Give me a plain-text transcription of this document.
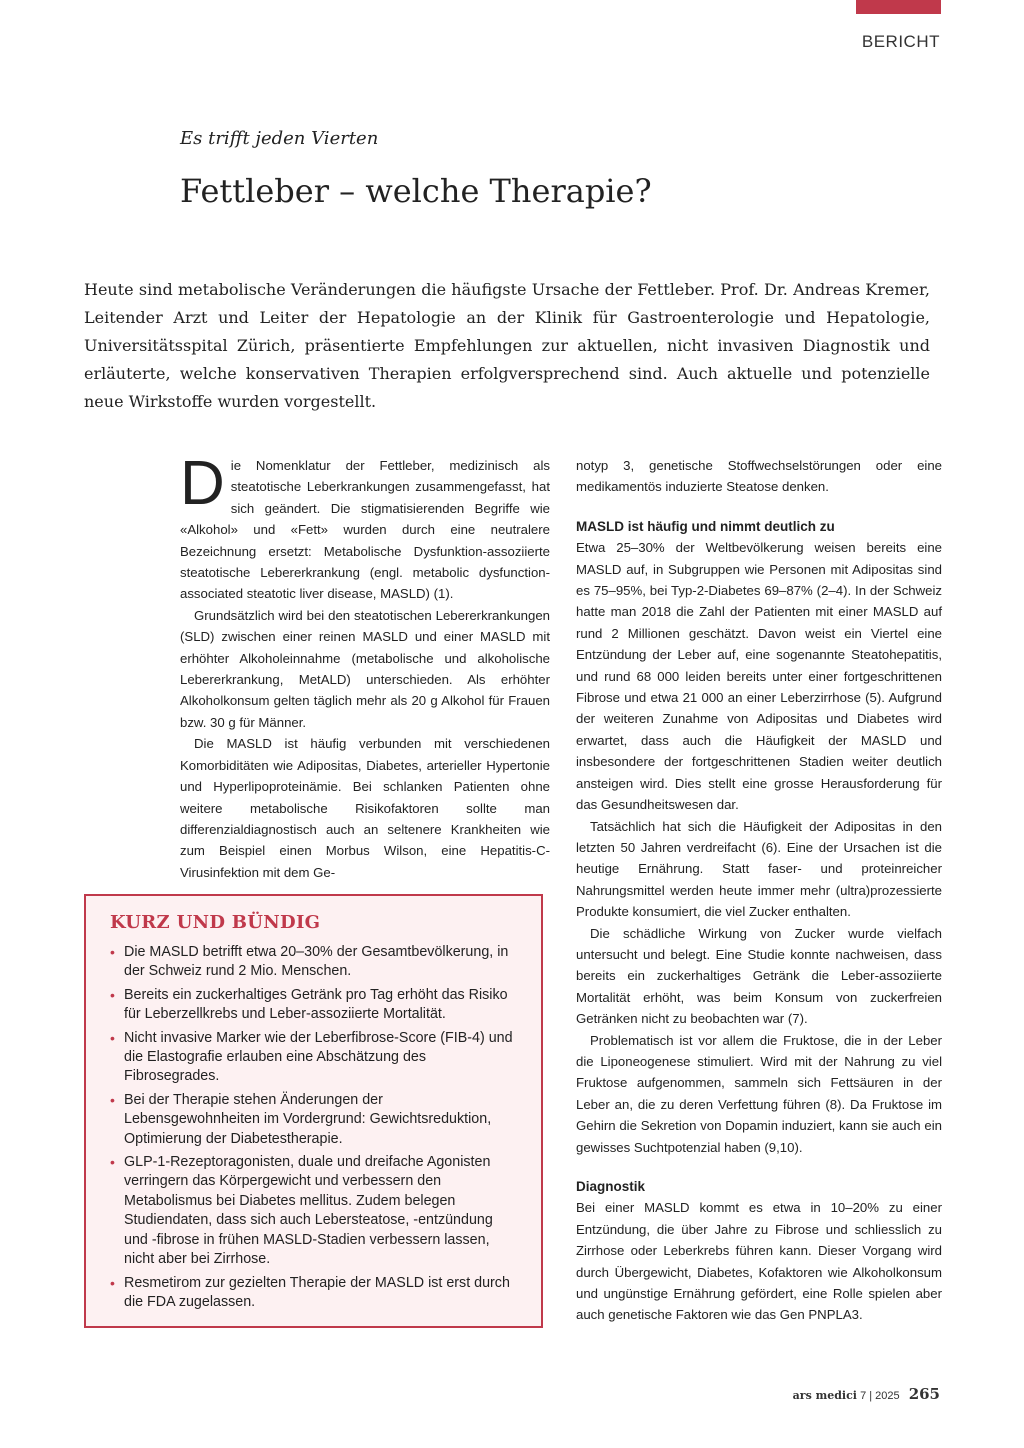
BERICHT
Es trifft jeden Vierten
Fettleber – welche Therapie?

Heute sind metabolische Veränderungen die häufigste Ursache der Fettleber. Prof. Dr. Andreas Kremer, Leitender Arzt und Leiter der Hepatologie an der Klinik für Gastroenterologie und Hepatologie, Universitätsspital Zürich, präsentierte Empfehlungen zur aktuellen, nicht invasiven Diagnostik und erläuterte, welche konservativen Therapien erfolgversprechend sind. Auch aktuelle und potenzielle neue Wirkstoffe wurden vorgestellt.

Die Nomenklatur der Fettleber, medizinisch als steatotische Leberkrankungen zusammengefasst, hat sich geändert. Die stigmatisierenden Begriffe wie «Alkohol» und «Fett» wurden durch eine neutralere Bezeichnung ersetzt: Metabolische Dysfunktion-assoziierte steatotische Lebererkrankung (engl. metabolic dysfunction-associated steatotic liver disease, MASLD) (1).

Grundsätzlich wird bei den steatotischen Lebererkrankungen (SLD) zwischen einer reinen MASLD und einer MASLD mit erhöhter Alkoholeinnahme (metabolische und alkoholische Lebererkrankung, MetALD) unterschieden. Als erhöhter Alkoholkonsum gelten täglich mehr als 20 g Alkohol für Frauen bzw. 30 g für Männer.

Die MASLD ist häufig verbunden mit verschiedenen Komorbiditäten wie Adipositas, Diabetes, arterieller Hypertonie und Hyperlipoproteinämie. Bei schlanken Patienten ohne weitere metabolische Risikofaktoren sollte man differenzialdiagnostisch auch an seltenere Krankheiten wie zum Beispiel einen Morbus Wilson, eine Hepatitis-C-Virusinfektion mit dem Ge-

notyp 3, genetische Stoffwechselstörungen oder eine medikamentös induzierte Steatose denken.

MASLD ist häufig und nimmt deutlich zu

Etwa 25–30% der Weltbevölkerung weisen bereits eine MASLD auf, in Subgruppen wie Personen mit Adipositas sind es 75–95%, bei Typ-2-Diabetes 69–87% (2–4). In der Schweiz hatte man 2018 die Zahl der Patienten mit einer MASLD auf rund 2 Millionen geschätzt. Davon weist ein Viertel eine Entzündung der Leber auf, eine sogenannte Steatohepatitis, und rund 68 000 leiden bereits unter einer fortgeschrittenen Fibrose und etwa 21 000 an einer Leberzirrhose (5). Aufgrund der weiteren Zunahme von Adipositas und Diabetes wird erwartet, dass auch die Häufigkeit der MASLD und insbesondere der fortgeschrittenen Stadien weiter deutlich ansteigen wird. Dies stellt eine grosse Herausforderung für das Gesundheitswesen dar.

Tatsächlich hat sich die Häufigkeit der Adipositas in den letzten 50 Jahren verdreifacht (6). Eine der Ursachen ist die heutige Ernährung. Statt faser- und proteinreicher Nahrungsmittel werden heute immer mehr (ultra)prozessierte Produkte konsumiert, die viel Zucker enthalten.

Die schädliche Wirkung von Zucker wurde vielfach untersucht und belegt. Eine Studie konnte nachweisen, dass bereits ein zuckerhaltiges Getränk die Leber-assoziierte Mortalität erhöht, was beim Konsum von zuckerfreien Getränken nicht zu beobachten war (7).

Problematisch ist vor allem die Fruktose, die in der Leber die Liponeogenese stimuliert. Wird mit der Nahrung zu viel Fruktose aufgenommen, sammeln sich Fettsäuren in der Leber an, die zu deren Verfettung führen (8). Da Fruktose im Gehirn die Sekretion von Dopamin induziert, kann sie auch ein gewisses Suchtpotenzial haben (9,10).

Diagnostik

Bei einer MASLD kommt es etwa in 10–20% zu einer Entzündung, die über Jahre zu Fibrose und schliesslich zu Zirrhose oder Leberkrebs führen kann. Dieser Vorgang wird durch Übergewicht, Diabetes, Kofaktoren wie Alkoholkonsum und ungünstige Ernährung gefördert, eine Rolle spielen aber auch genetische Faktoren wie das Gen PNPLA3.

KURZ UND BÜNDIG
• Die MASLD betrifft etwa 20–30% der Gesamtbevölkerung, in der Schweiz rund 2 Mio. Menschen.
• Bereits ein zuckerhaltiges Getränk pro Tag erhöht das Risiko für Leberzellkrebs und Leber-assoziierte Mortalität.
• Nicht invasive Marker wie der Leberfibrose-Score (FIB-4) und die Elastografie erlauben eine Abschätzung des Fibrosegrades.
• Bei der Therapie stehen Änderungen der Lebensgewohnheiten im Vordergrund: Gewichtsreduktion, Optimierung der Diabetestherapie.
• GLP-1-Rezeptoragonisten, duale und dreifache Agonisten verringern das Körpergewicht und verbessern den Metabolismus bei Diabetes mellitus. Zudem belegen Studiendaten, dass sich auch Lebersteatose, -entzündung und -fibrose in frühen MASLD-Stadien verbessern lassen, nicht aber bei Zirrhose.
• Resmetirom zur gezielten Therapie der MASLD ist erst durch die FDA zugelassen.
ars medici 7 | 2025 265
